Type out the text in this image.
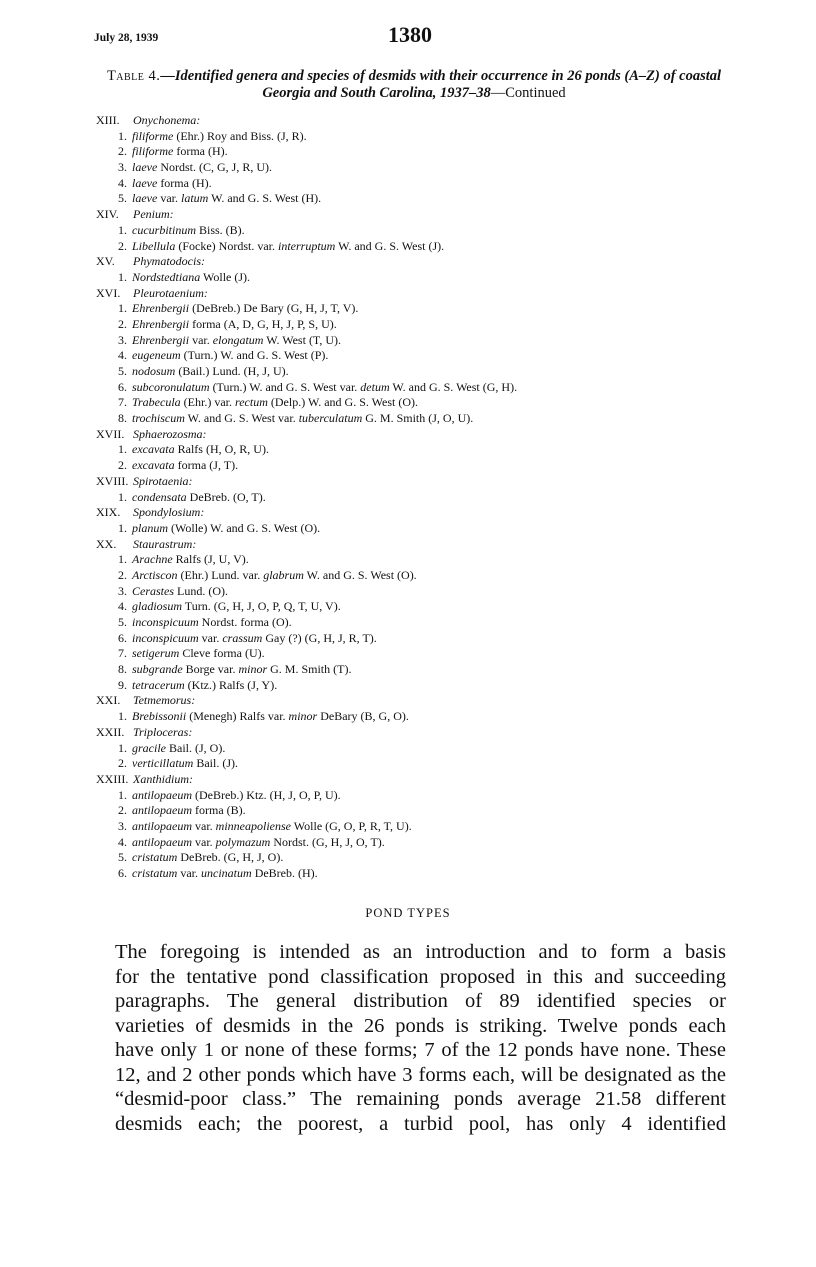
July 28, 1939	1380
Table 4.—Identified genera and species of desmids with their occurrence in 26 ponds (A–Z) of coastal Georgia and South Carolina, 1937–38—Continued
XIII. Onychonema:
1. filiforme (Ehr.) Roy and Biss. (J, R).
2. filiforme forma (H).
3. laeve Nordst. (C, G, J, R, U).
4. laeve forma (H).
5. laeve var. latum W. and G. S. West (H).
XIV. Penium:
1. cucurbitinum Biss. (B).
2. Libellula (Focke) Nordst. var. interruptum W. and G. S. West (J).
XV. Phymatodocis:
1. Nordstedtiana Wolle (J).
XVI. Pleurotaenium:
1. Ehrenbergii (DeBreb.) De Bary (G, H, J, T, V).
2. Ehrenbergii forma (A, D, G, H, J, P, S, U).
3. Ehrenbergii var. elongatum W. West (T, U).
4. eugeneum (Turn.) W. and G. S. West (P).
5. nodosum (Bail.) Lund. (H, J, U).
6. subcoronulatum (Turn.) W. and G. S. West var. detum W. and G. S. West (G, H).
7. Trabecula (Ehr.) var. rectum (Delp.) W. and G. S. West (O).
8. trochiscum W. and G. S. West var. tuberculatum G. M. Smith (J, O, U).
XVII. Sphaerozosma:
1. excavata Ralfs (H, O, R, U).
2. excavata forma (J, T).
XVIII. Spirotaenia:
1. condensata DeBreb. (O, T).
XIX. Spondylosium:
1. planum (Wolle) W. and G. S. West (O).
XX. Staurastrum:
1. Arachne Ralfs (J, U, V).
2. Arctiscon (Ehr.) Lund. var. glabrum W. and G. S. West (O).
3. Cerastes Lund. (O).
4. gladiosum Turn. (G, H, J, O, P, Q, T, U, V).
5. inconspicuum Nordst. forma (O).
6. inconspicuum var. crassum Gay (?) (G, H, J, R, T).
7. setigerum Cleve forma (U).
8. subgrande Borge var. minor G. M. Smith (T).
9. tetracerum (Ktz.) Ralfs (J, Y).
XXI. Tetmemorus:
1. Brebissonii (Menegh) Ralfs var. minor DeBary (B, G, O).
XXII. Triploceras:
1. gracile Bail. (J, O).
2. verticillatum Bail. (J).
XXIII. Xanthidium:
1. antilopaeum (DeBreb.) Ktz. (H, J, O, P, U).
2. antilopaeum forma (B).
3. antilopaeum var. minneapoliense Wolle (G, O, P, R, T, U).
4. antilopaeum var. polymazum Nordst. (G, H, J, O, T).
5. cristatum DeBreb. (G, H, J, O).
6. cristatum var. uncinatum DeBreb. (H).
POND TYPES
The foregoing is intended as an introduction and to form a basis
for the tentative pond classification proposed in this and succeeding
paragraphs. The general distribution of 89 identified species or
varieties of desmids in the 26 ponds is striking. Twelve ponds each
have only 1 or none of these forms; 7 of the 12 ponds have none. These
12, and 2 other ponds which have 3 forms each, will be designated as the
“desmid-poor class.” The remaining ponds average 21.58 different
desmids each; the poorest, a turbid pool, has only 4 identified
